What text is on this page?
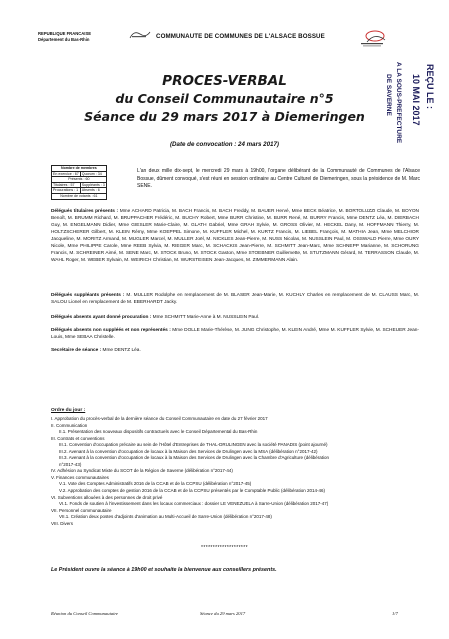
REPUBLIQUE FRANCAISE
Département du Bas-Rhin	COMMUNAUTE DE COMMUNES DE L'ALSACE BOSSUE
PROCES-VERBAL
du Conseil Communautaire n°5
Séance du 29 mars 2017 à Diemeringen
REÇU LE :
10 MAI 2017
A LA SOUS-PREFECTURE
DE SAVERNE
(Date de convocation : 24 mars 2017)
Nombre de membres	
En exercice : 67	Quorum : 34
Présents : 60	
Titulaires : 57	Suppléants : 3
Procurations : 1	Absents : 6
Nombre de votants : 61	
L'an deux mille dix-sept, le mercredi 29 mars à 19h00, l'organe délibérant de la Communauté de Communes de l'Alsace Bossue, dûment convoqué, s'est réuni en session ordinaire au Centre Culturel de Diemeringen, sous la présidence de M. Marc SENE.
Délégués titulaires présents : Mme ACHARD Patricia, M. BACH Francis, M. BACH Freddy, M. BAUER Hervé, Mme BECK Béatrice, M. BORTOLUZZI Claude, M. BOYON Benoît, M. BRUMM Richard, M. BRUPPACHER Frédéric, M. BUCHY Robert, Mme BURR Christine, M. BURR René, M. BURRY Francis, Mme DENTZ Léa, M. DIERBACH Guy, M. ENGELMANN Didier, Mme GIESLER Marie-Claire, M. GLATH Gabriel, Mme GRAH Sylvie, M. GROSS Olivier, M. HECKEL Dany, M. HOFFMANN Thierry, M. HOLTZSCHERER Gilbert, M. KLEIN Rémy, Mme KOEPPEL Simone, M. KUFFLER Michel, M. KURTZ Francis, M. LIEBEL François, M. MATHIA Jean, Mme MELCHIOR Jacqueline, M. MORITZ Armand, M. MUGLER Marcel, M. MULLER Joël, M. NICKLES Jean-Pierre, M. NUSS Nicolas, M. NUSSLEIN Paul, M. OSSWALD Pierre, Mme OURY Nicole, Mme PHILIPPE Carole, Mme REEB Sylvia, M. RIEGER Marc, M. SCHACKIS Jean-Pierre, M. SCHMITT Jean-Marc, Mme SCHNEPP Marianne, M. SCHORUNG Francis, M. SCHREINER Aimé, M. SENE Marc, M. STOCK Bruno, M. STOCK Gaston, Mme STOEBNER Guillemette, M. STUTZMANN Gérard, M. TERRASSON Claude, M. WAHL Roger, M. WEBER Sylvain, M. WEIRICH Christian, M. WURSTEISEN Jean-Jacques, M. ZIMMERMANN Alain.
Délégués suppléants présents : M. MULLER Rodolphe en remplacement de M. BLASER Jean-Marie, M. KUCHLY Charles en remplacement de M. CLAUSS Marc, M. SALOU Lionel en remplacement de M. EBERHARDT Jacky.
Délégués absents ayant donné procuration : Mme SCHMITT Marie-Anne à M. NUSSLEIN Paul.
Délégués absents non suppléés et non représentés : Mme DOLLE Marie-Thérèse, M. JUNG Christophe, M. KLEIN André, Mme M. KUFFLER Sylvie, M. SCHEUER Jean-Louis, Mme SEBAA Christelle.
Secrétaire de séance : Mme DENTZ Léa.
Ordre du jour :
I. Approbation du procès-verbal de la dernière séance du Conseil Communautaire en date du 27 février 2017
II. Communication
II.1. Présentation des nouveaux dispositifs contractuels avec le Conseil Départemental du Bas-Rhin
III. Contrats et conventions
III.1. Convention d'occupation précaire au sein de l'Hôtel d'Entreprises de THAL-DRULINGEN avec la société PANADIS (point ajourné)
III.2. Avenant à la convention d'occupation de locaux à la Maison des Services de Drulingen avec la MSA (délibération n°2017-42)
III.3. Avenant à la convention d'occupation de locaux à la Maison des Services de Drulingen avec la Chambre d'Agriculture (délibération
n°2017-43)
IV. Adhésion au Syndicat Mixte du SCOT de la Région de Saverne (délibération n°2017-44)
V. Finances communautaires
V.1. Vote des Comptes Administratifs 2016 de la CCAB et de la CCPSU (délibération n°2017-45)
V.2. Approbation des comptes de gestion 2016 de la CCAB et de la CCPSU présentés par le Comptable Public (délibération 2014-46)
VI. Subventions allouées à des personnes de droit privé
VI.1. Fonds de soutien à l'investissement dans les locaux commerciaux : dossier LE VENEZUELA à Sarre-Union (délibération 2017-47)
VII. Personnel communautaire
VII.1. Création deux postes d'adjoints d'animation au Multi-Accueil de Sarre-Union (délibération n°2017-48)
VIII. Divers
********************
Le Président ouvre la séance à 19h00 et souhaite la bienvenue aux conseillers présents.
Réunion du Conseil Communautaire	Séance du 29 mars 2017	1/7
